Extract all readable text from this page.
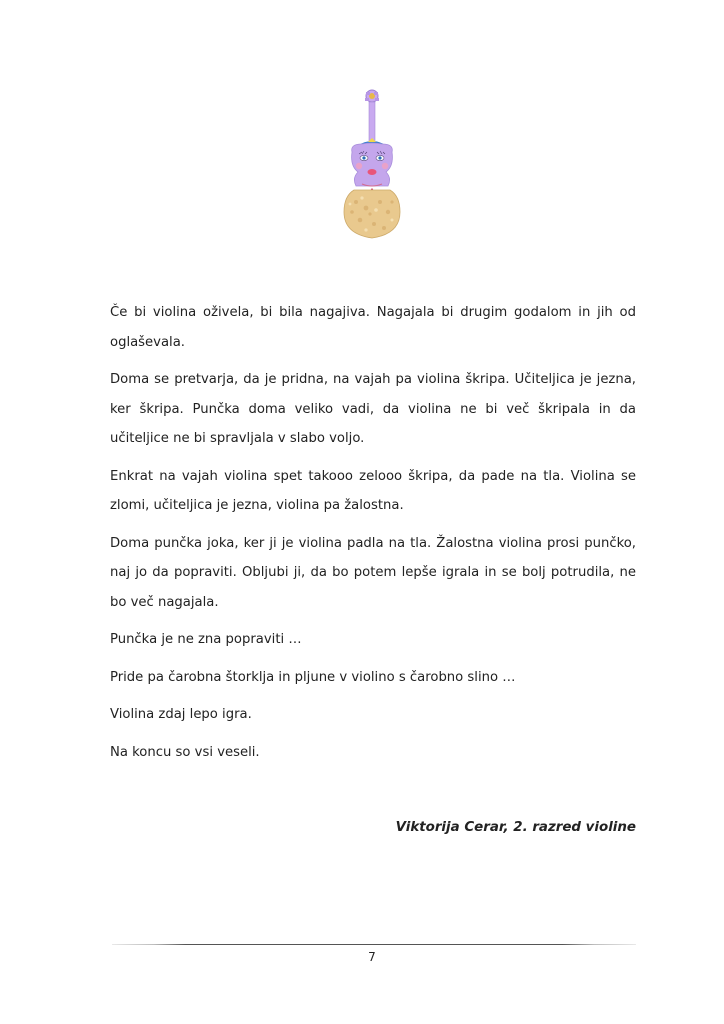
Če bi violina oživela, bi bila nagajiva. Nagajala bi drugim godalom in jih od oglaševala.

Doma se pretvarja, da je pridna, na vajah pa violina škripa. Učiteljica je jezna, ker škripa. Punčka doma veliko vadi, da violina ne bi več škripala in da učiteljice ne bi spravljala v slabo voljo.

Enkrat na vajah violina spet takooo zelooo škripa, da pade na tla. Violina se zlomi, učiteljica je jezna, violina pa žalostna.

Doma punčka joka, ker ji je violina padla na tla. Žalostna violina prosi punčko, naj jo da popraviti. Obljubi ji, da bo potem lepše igrala in se bolj potrudila, ne bo več nagajala.

Punčka je ne zna popraviti …

Pride pa čarobna štorklja in pljune v violino s čarobno slino …

Violina zdaj lepo igra.

Na koncu so vsi veseli.

Viktorija Cerar, 2. razred violine
7
